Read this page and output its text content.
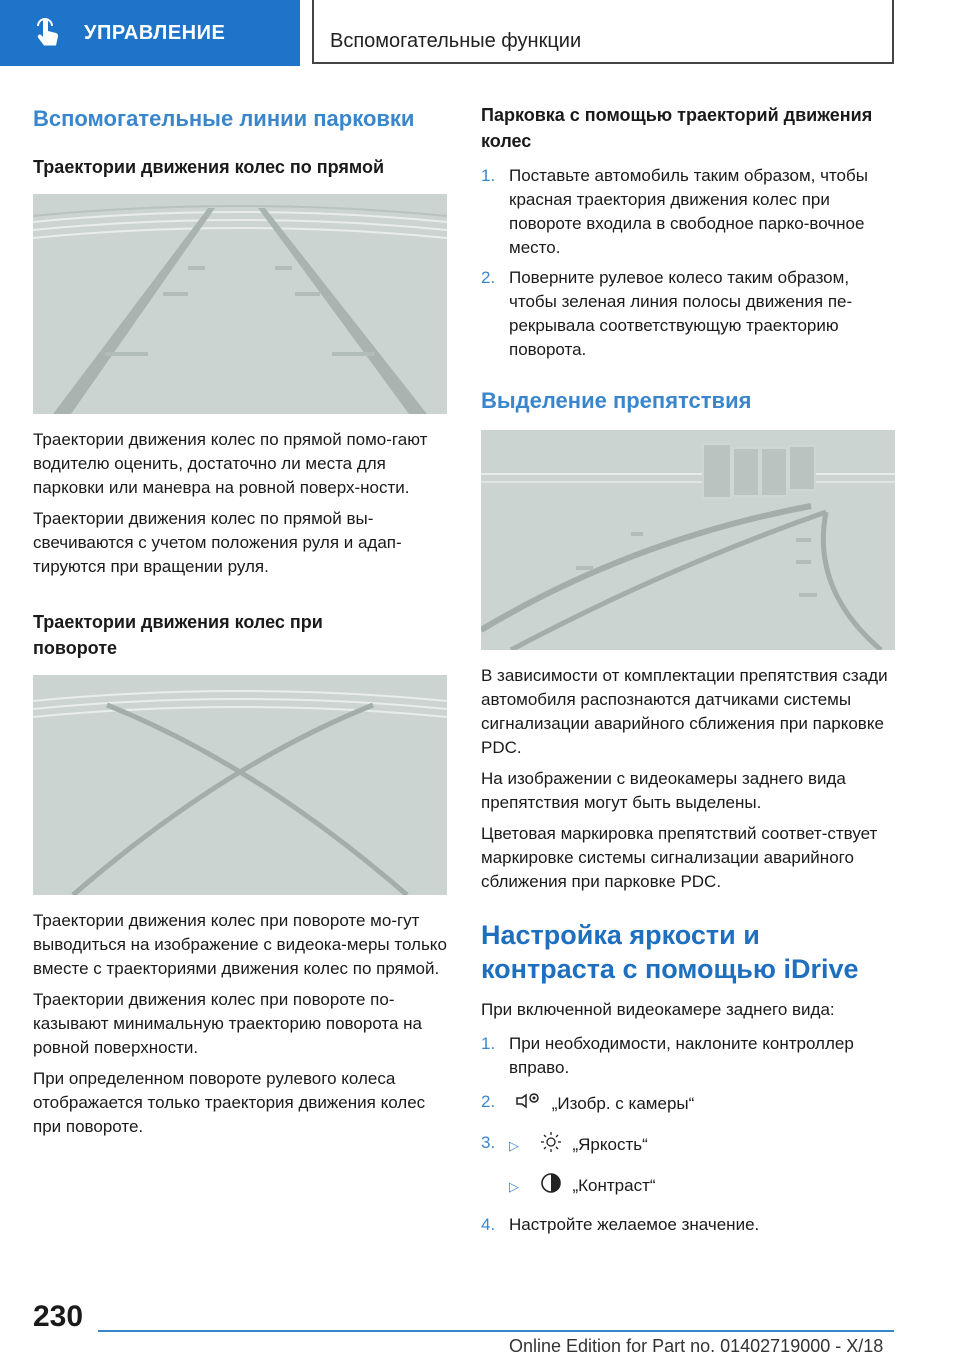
УПРАВЛЕНИЕ	Вспомогательные функции
Вспомогательные линии парковки
Траектории движения колес по прямой

Траектории движения колес по прямой помо-гают водителю оценить, достаточно ли места для парковки или маневра на ровной поверх-ности.

Траектории движения колес по прямой вы-свечиваются с учетом положения руля и адап-тируются при вращении руля.

Траектории движения колес при повороте

Траектории движения колес при повороте мо-гут выводиться на изображение с видеока-меры только вместе с траекториями движения колес по прямой.

Траектории движения колес при повороте по-казывают минимальную траекторию поворота на ровной поверхности.

При определенном повороте рулевого колеса отображается только траектория движения колес при повороте.

Парковка с помощью траекторий движения колес
1. Поставьте автомобиль таким образом, чтобы красная траектория движения колес при повороте входила в свободное парко-вочное место.
2. Поверните рулевое колесо таким образом, чтобы зеленая линия полосы движения пе-рекрывала соответствующую траекторию поворота.
Выделение препятствия

В зависимости от комплектации препятствия сзади автомобиля распознаются датчиками системы сигнализации аварийного сближения при парковке PDC.

На изображении с видеокамеры заднего вида препятствия могут быть выделены.

Цветовая маркировка препятствий соответ-ствует маркировке системы сигнализации аварийного сближения при парковке PDC.

Настройка яркости и контраста с помощью iDrive

При включенной видеокамере заднего вида:

1. При необходимости, наклоните контроллер вправо.
2.	„Изобр. с камеры“
3. ▷	„Яркость“
▷	„Контраст“
4. Настройте желаемое значение.
230
Online Edition for Part no. 01402719000 - X/18
